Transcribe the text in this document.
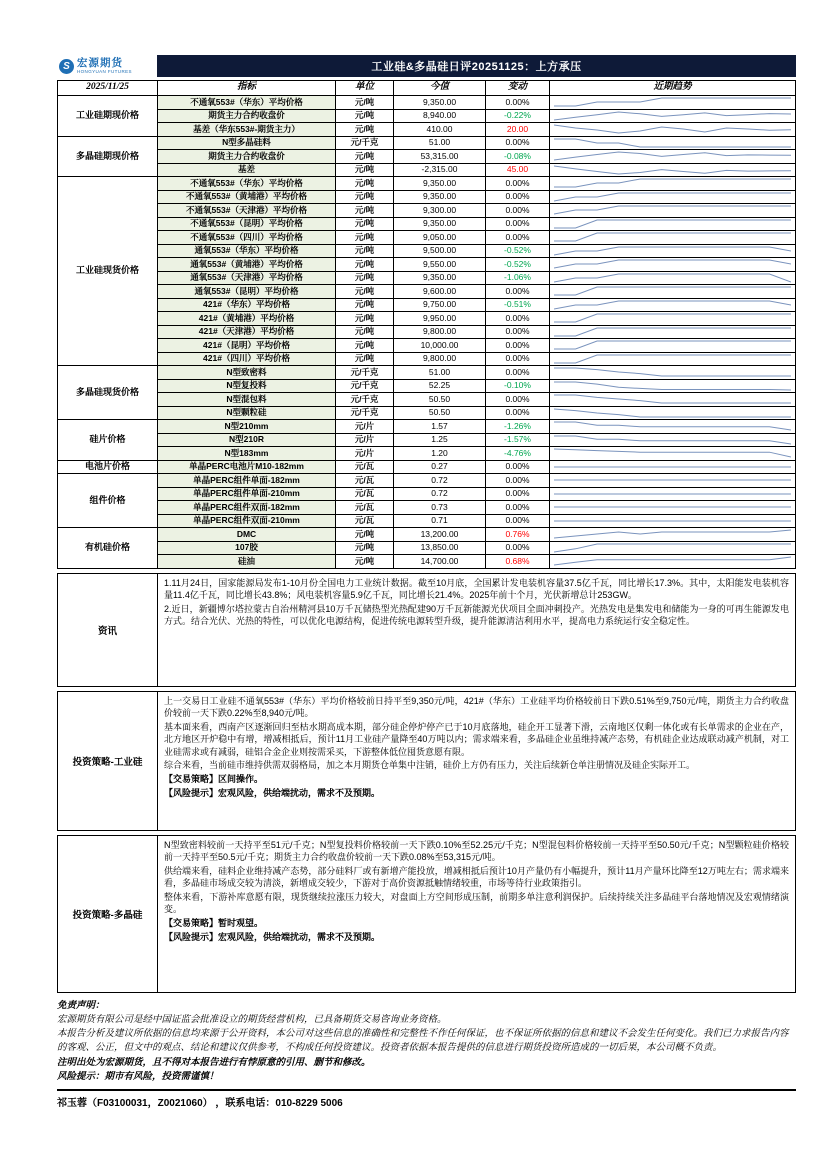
S 宏源期货
HONGYUAN FUTURES	工业硅&多晶硅日评20251125：上方承压
2025/11/25	指标	单位	今值	变动	近期趋势
工业硅期现价格	不通氧553#（华东）平均价格	元/吨	9,350.00	0.00%	

	期货主力合约收盘价	元/吨	8,940.00	-0.22%	

	基差（华东553#-期货主力）	元/吨	410.00	20.00	

多晶硅期现价格	N型多晶硅料	元/千克	51.00	0.00%	

	期货主力合约收盘价	元/吨	53,315.00	-0.08%	

	基差	元/吨	-2,315.00	45.00	

工业硅现货价格	不通氧553#（华东）平均价格	元/吨	9,350.00	0.00%	

	不通氧553#（黄埔港）平均价格	元/吨	9,350.00	0.00%	

	不通氧553#（天津港）平均价格	元/吨	9,300.00	0.00%	

	不通氧553#（昆明）平均价格	元/吨	9,350.00	0.00%	

	不通氧553#（四川）平均价格	元/吨	9,050.00	0.00%	

	通氧553#（华东）平均价格	元/吨	9,500.00	-0.52%	

	通氧553#（黄埔港）平均价格	元/吨	9,550.00	-0.52%	

	通氧553#（天津港）平均价格	元/吨	9,350.00	-1.06%	

	通氧553#（昆明）平均价格	元/吨	9,600.00	0.00%	

	421#（华东）平均价格	元/吨	9,750.00	-0.51%	

	421#（黄埔港）平均价格	元/吨	9,950.00	0.00%	

	421#（天津港）平均价格	元/吨	9,800.00	0.00%	

	421#（昆明）平均价格	元/吨	10,000.00	0.00%	

	421#（四川）平均价格	元/吨	9,800.00	0.00%	

多晶硅现货价格	N型致密料	元/千克	51.00	0.00%	

	N型复投料	元/千克	52.25	-0.10%	

	N型混包料	元/千克	50.50	0.00%	

	N型颗粒硅	元/千克	50.50	0.00%	

硅片价格	N型210mm	元/片	1.57	-1.26%	

	N型210R	元/片	1.25	-1.57%	

	N型183mm	元/片	1.20	-4.76%	

电池片价格	单晶PERC电池片M10-182mm	元/瓦	0.27	0.00%	

组件价格	单晶PERC组件单面-182mm	元/瓦	0.72	0.00%	

	单晶PERC组件单面-210mm	元/瓦	0.72	0.00%	

	单晶PERC组件双面-182mm	元/瓦	0.73	0.00%	

	单晶PERC组件双面-210mm	元/瓦	0.71	0.00%	

有机硅价格	DMC	元/吨	13,200.00	0.76%	

	107胶	元/吨	13,850.00	0.00%	

	硅油	元/吨	14,700.00	0.68%	
资讯

1.11月24日，国家能源局发布1-10月份全国电力工业统计数据。截至10月底，全国累计发电装机容量37.5亿千瓦，同比增长17.3%。其中，太阳能发电装机容量11.4亿千瓦，同比增长43.8%；风电装机容量5.9亿千瓦，同比增长21.4%。2025年前十个月，光伏新增总计253GW。

2.近日，新疆博尔塔拉蒙古自治州精河县10万千瓦储热型光热配建90万千瓦新能源光伏项目全面冲刺投产。光热发电是集发电和储能为一身的可再生能源发电方式。结合光伏、光热的特性，可以优化电源结构，促进传统电源转型升级，提升能源清洁利用水平，提高电力系统运行安全稳定性。

投资策略-工业硅

上一交易日工业硅不通氧553#（华东）平均价格较前日持平至9,350元/吨，421#（华东）工业硅平均价格较前日下跌0.51%至9,750元/吨，期货主力合约收盘价较前一天下跌0.22%至8,940元/吨。

基本面来看，西南产区逐渐回归至枯水期高成本期，部分硅企停炉停产已于10月底落地，硅企开工显著下滑，云南地区仅剩一体化或有长单需求的企业在产，北方地区开炉稳中有增，增减相抵后，预计11月工业硅产量降至40万吨以内；需求端来看，多晶硅企业虽维持减产态势，有机硅企业达成联动减产机制，对工业硅需求或有减弱，硅铝合金企业则按需采买，下游整体低位囤货意愿有限。

综合来看，当前硅市维持供需双弱格局，加之本月期货仓单集中注销，硅价上方仍有压力，关注后续新仓单注册情况及硅企实际开工。

【交易策略】区间操作。

【风险提示】宏观风险，供给端扰动，需求不及预期。

投资策略-多晶硅

N型致密料较前一天持平至51元/千克；N型复投料价格较前一天下跌0.10%至52.25元/千克；N型混包料价格较前一天持平至50.50元/千克；N型颗粒硅价格较前一天持平至50.5元/千克；期货主力合约收盘价较前一天下跌0.08%至53,315元/吨。

供给端来看，硅料企业维持减产态势，部分硅料厂或有新增产能投放，增减相抵后预计10月产量仍有小幅提升，预计11月产量环比降至12万吨左右；需求端来看，多晶硅市场成交较为清淡，新增成交较少，下游对于高价资源抵触情绪较重，市场等待行业政策指引。

整体来看，下游补库意愿有限，现货继续拉涨压力较大，对盘面上方空间形成压制，前期多单注意利润保护。后续持续关注多晶硅平台落地情况及宏观情绪演变。

【交易策略】暂时观望。

【风险提示】宏观风险，供给端扰动，需求不及预期。

免责声明：
宏源期货有限公司是经中国证监会批准设立的期货经营机构，已具备期货交易咨询业务资格。
本报告分析及建议所依据的信息均来源于公开资料，本公司对这些信息的准确性和完整性不作任何保证，也不保证所依据的信息和建议不会发生任何变化。我们已力求报告内容的客观、公正，但文中的观点、结论和建议仅供参考，不构成任何投资建议。投资者依据本报告提供的信息进行期货投资所造成的一切后果，本公司概不负责。
注明出处为宏源期货，且不得对本报告进行有悖原意的引用、删节和修改。
风险提示：期市有风险，投资需谨慎！
祁玉蓉（F03100031，Z0021060） ，联系电话：010-8229 5006
